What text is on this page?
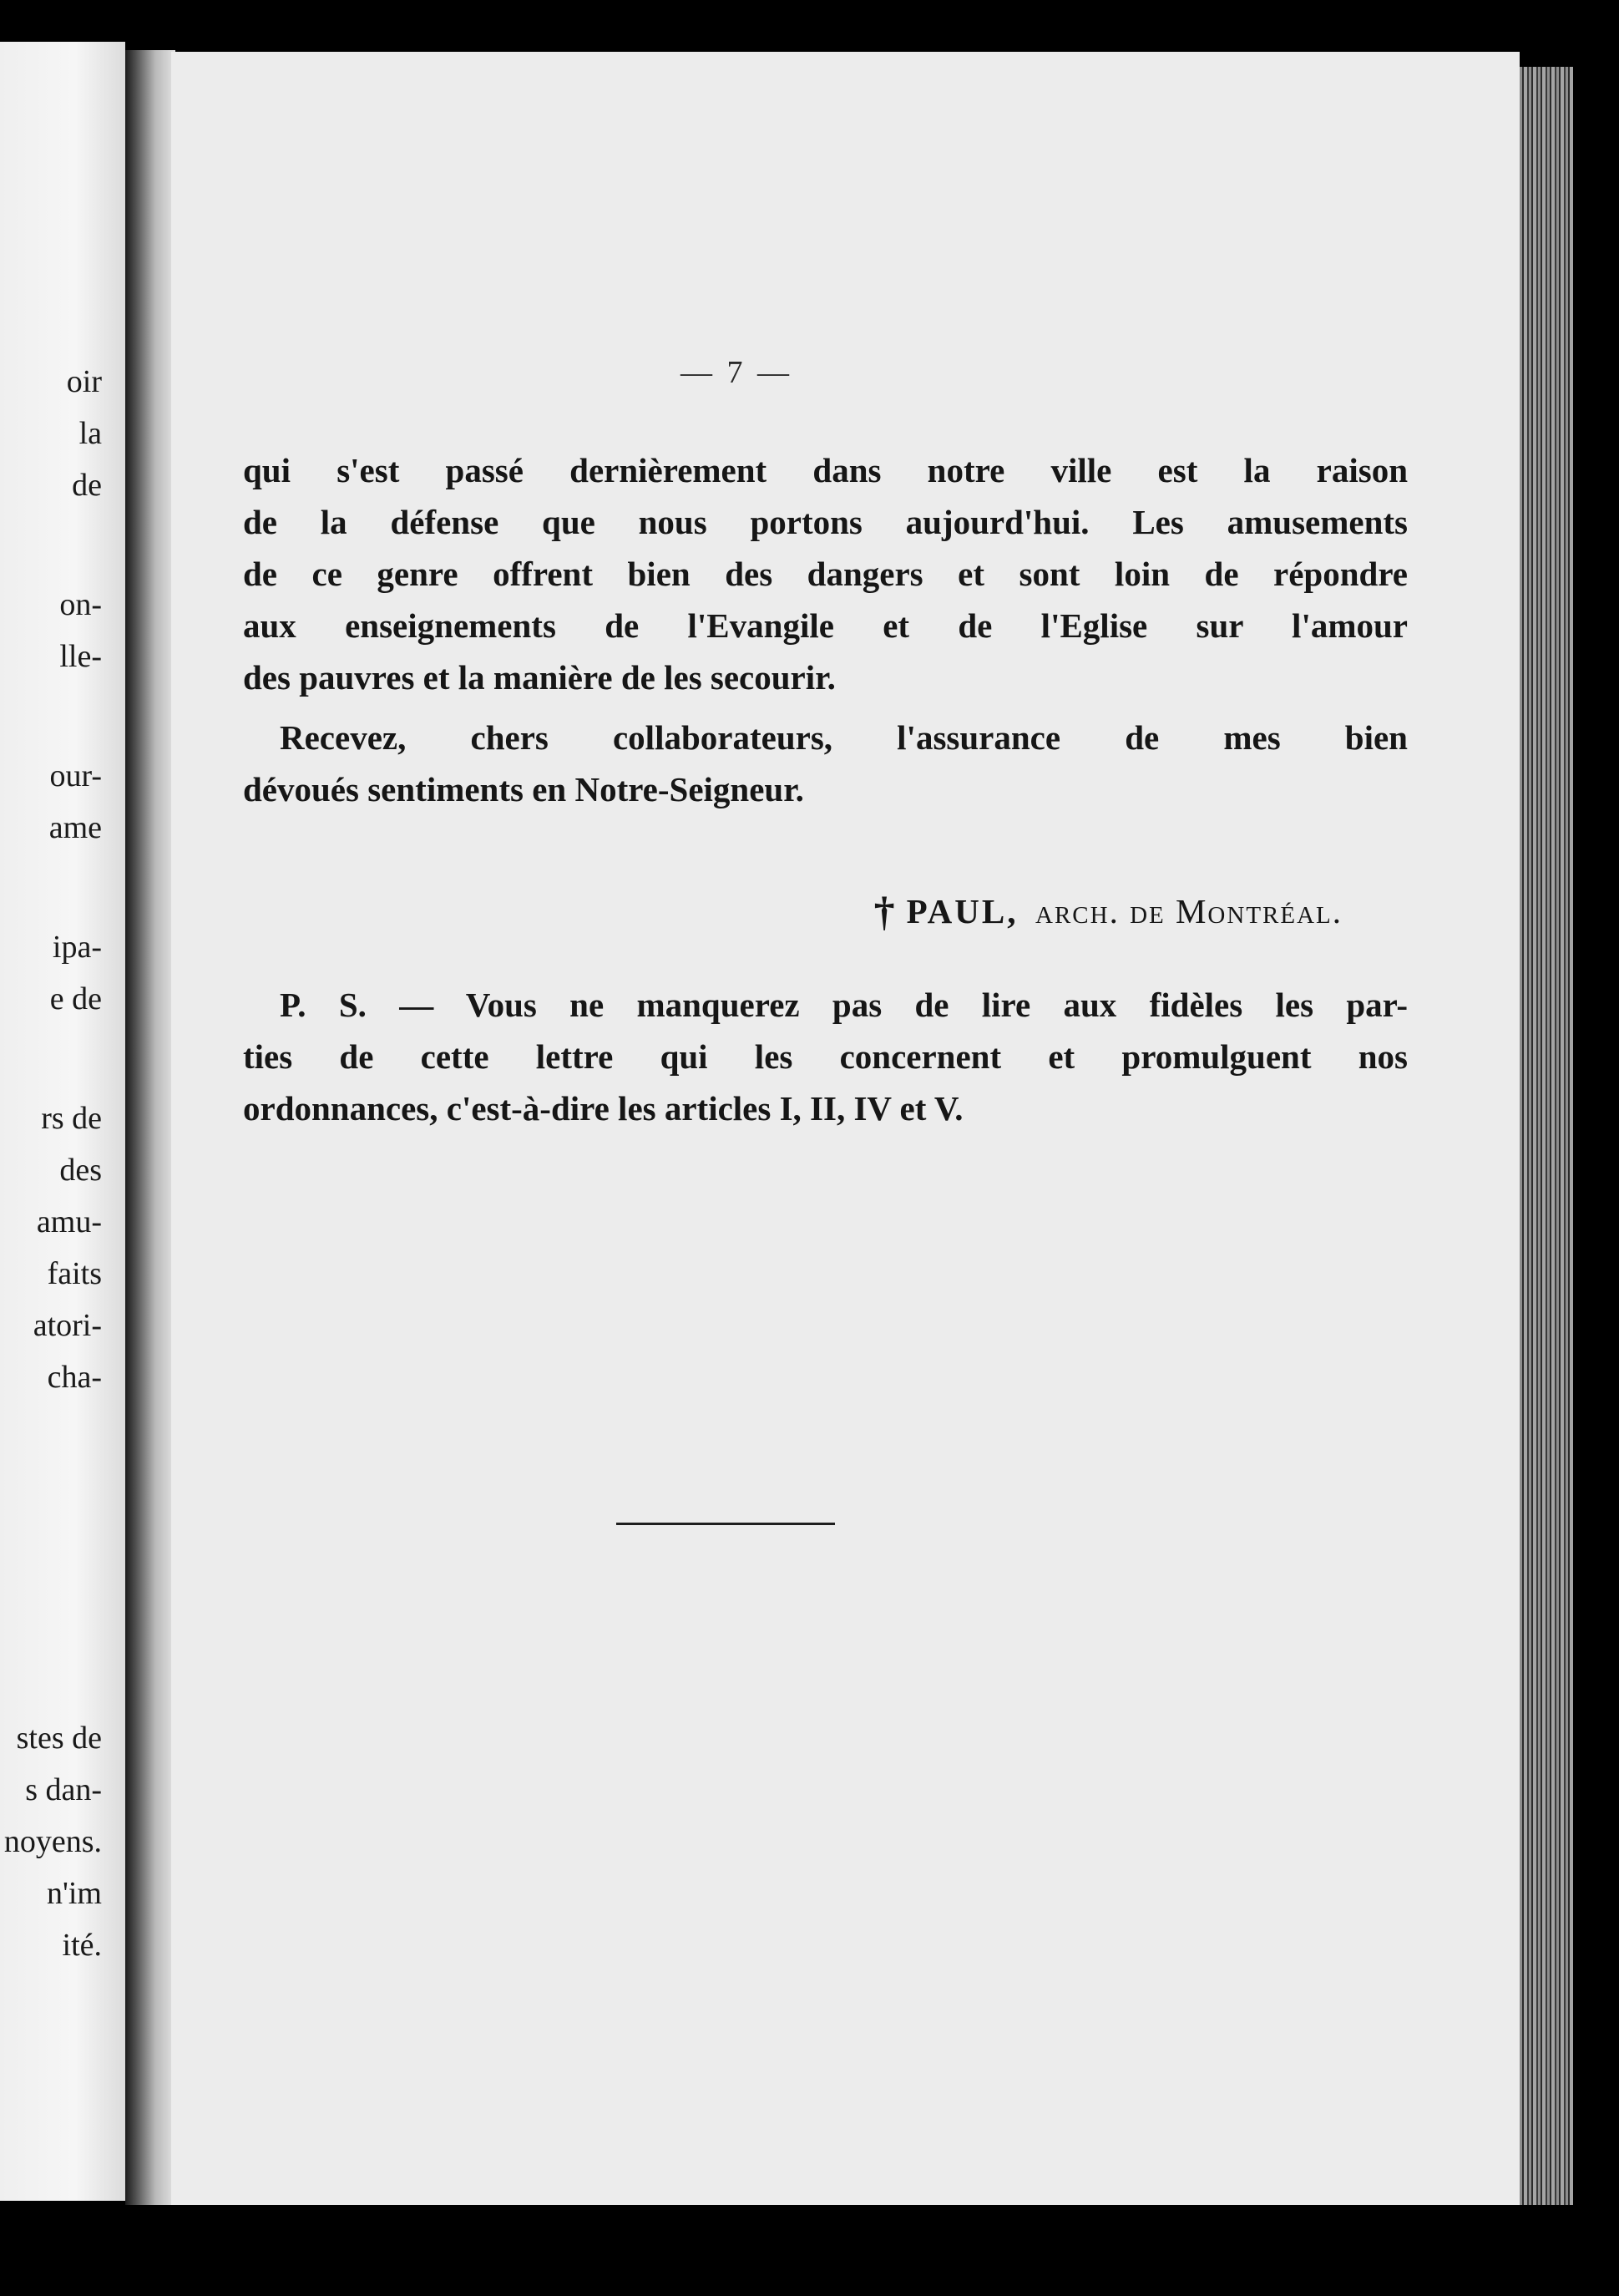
oir
la
de
on-
lle-
our-
ame
ipa-
e de
rs de
des
amu-
faits
atori-
cha-
stes de
s dan-
noyens.
n'im
ité.
— 7 —
qui s'est passé dernièrement dans notre ville est la raison
de la défense que nous portons aujourd'hui. Les amusements
de ce genre offrent bien des dangers et sont loin de répondre
aux enseignements de l'Evangile et de l'Eglise sur l'amour
des pauvres et la manière de les secourir.
Recevez, chers collaborateurs, l'assurance de mes bien
dévoués sentiments en Notre-Seigneur.
† PAUL, arch. de Montréal.
P. S. — Vous ne manquerez pas de lire aux fidèles les par-
ties de cette lettre qui les concernent et promulguent nos
ordonnances, c'est-à-dire les articles I, II, IV et V.
